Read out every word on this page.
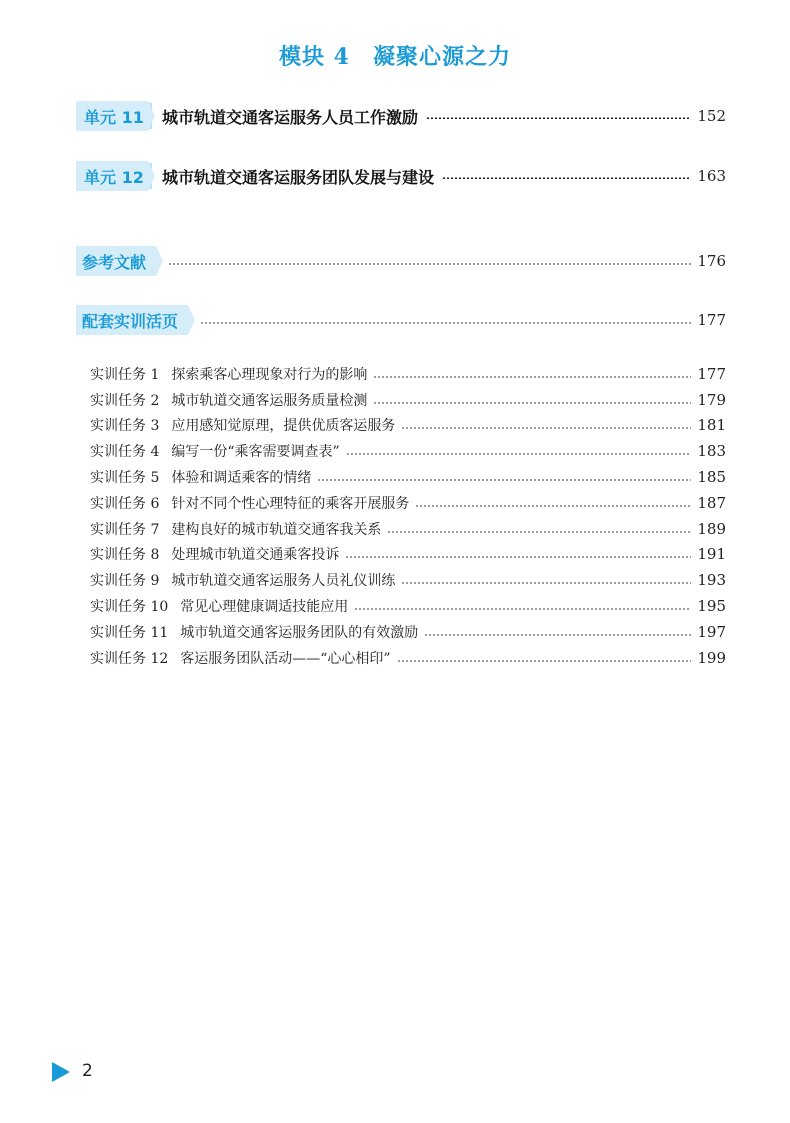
模块 4　凝聚心源之力
单元 11 城市轨道交通客运服务人员工作激励	152
单元 12 城市轨道交通客运服务团队发展与建设	163
参考文献	176
配套实训活页	177
实训任务 1 探索乘客心理现象对行为的影响	177
实训任务 2 城市轨道交通客运服务质量检测	179
实训任务 3 应用感知觉原理，提供优质客运服务	181
实训任务 4 编写一份“乘客需要调查表”	183
实训任务 5 体验和调适乘客的情绪	185
实训任务 6 针对不同个性心理特征的乘客开展服务	187
实训任务 7 建构良好的城市轨道交通客我关系	189
实训任务 8 处理城市轨道交通乘客投诉	191
实训任务 9 城市轨道交通客运服务人员礼仪训练	193
实训任务 10 常见心理健康调适技能应用	195
实训任务 11 城市轨道交通客运服务团队的有效激励	197
实训任务 12 客运服务团队活动——“心心相印”	199
2
